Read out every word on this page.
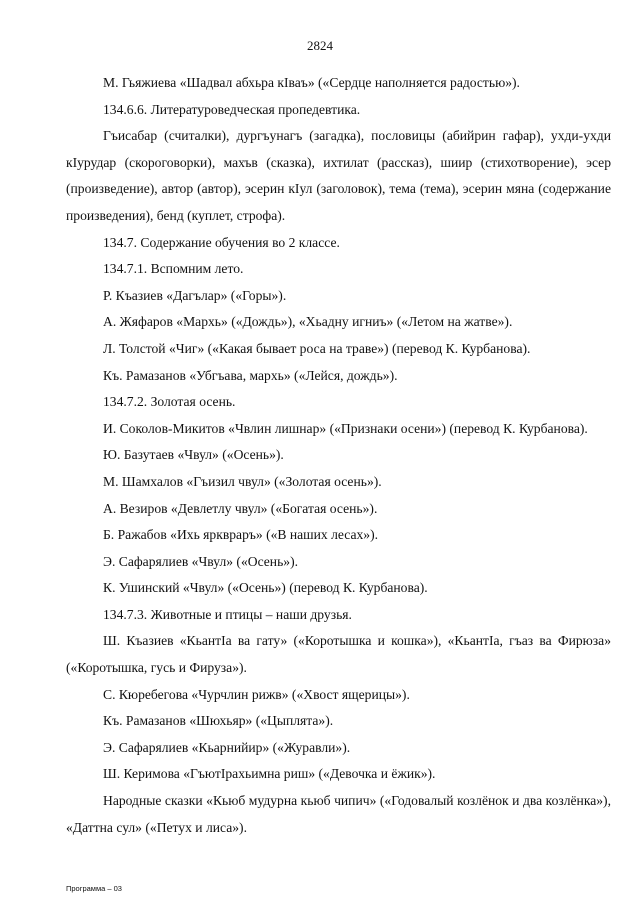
2824

М. Гьяжиева «Шадвал абхьра кIваъ» («Сердце наполняется радостью»).

134.6.6. Литературоведческая пропедевтика.

Гъисабар (считалки), дургъунагъ (загадка), пословицы (абийрин гафар), ухди-ухди кIурудар (скороговорки), махъв (сказка), ихтилат (рассказ), шиир (стихотворение), эсер (произведение), автор (автор), эсерин кIул (заголовок), тема (тема), эсерин мяна (содержание произведения), бенд (куплет, строфа).

134.7. Содержание обучения во 2 классе.

134.7.1. Вспомним лето.

Р. Къазиев «Дагълар» («Горы»).

А. Жяфаров «Мархь» («Дождь»), «Хьадну игниъ» («Летом на жатве»).

Л. Толстой «Чиг» («Какая бывает роса на траве») (перевод К. Курбанова).

Къ. Рамазанов «Убгъава, мархь» («Лейся, дождь»).

134.7.2. Золотая осень.

И. Соколов-Микитов «Чвлин лишнар» («Признаки осени») (перевод К. Курбанова).

Ю. Базутаев «Чвул» («Осень»).

М. Шамхалов «Гъизил чвул» («Золотая осень»).

А. Везиров «Девлетлу чвул» («Богатая осень»).

Б. Ражабов «Ихь ярквраръ» («В наших лесах»).

Э. Сафарялиев «Чвул» («Осень»).

К. Ушинский «Чвул» («Осень») (перевод К. Курбанова).

134.7.3. Животные и птицы – наши друзья.

Ш. Къазиев «КьантIа ва гату» («Коротышка и кошка»), «КьантIа, гъаз ва Фирюза» («Коротышка, гусь и Фируза»).

С. Кюребегова «Чурчлин рижв» («Хвост ящерицы»).

Къ. Рамазанов «Шюхьяр» («Цыплята»).

Э. Сафарялиев «Кьарнийир» («Журавли»).

Ш. Керимова «ГъютIрахьимна риш» («Девочка и ёжик»).

Народные сказки «Кьюб мудурна кьюб чипич» («Годовалый козлёнок и два козлёнка»), «Даттна сул» («Петух и лиса»).

Программа – 03
